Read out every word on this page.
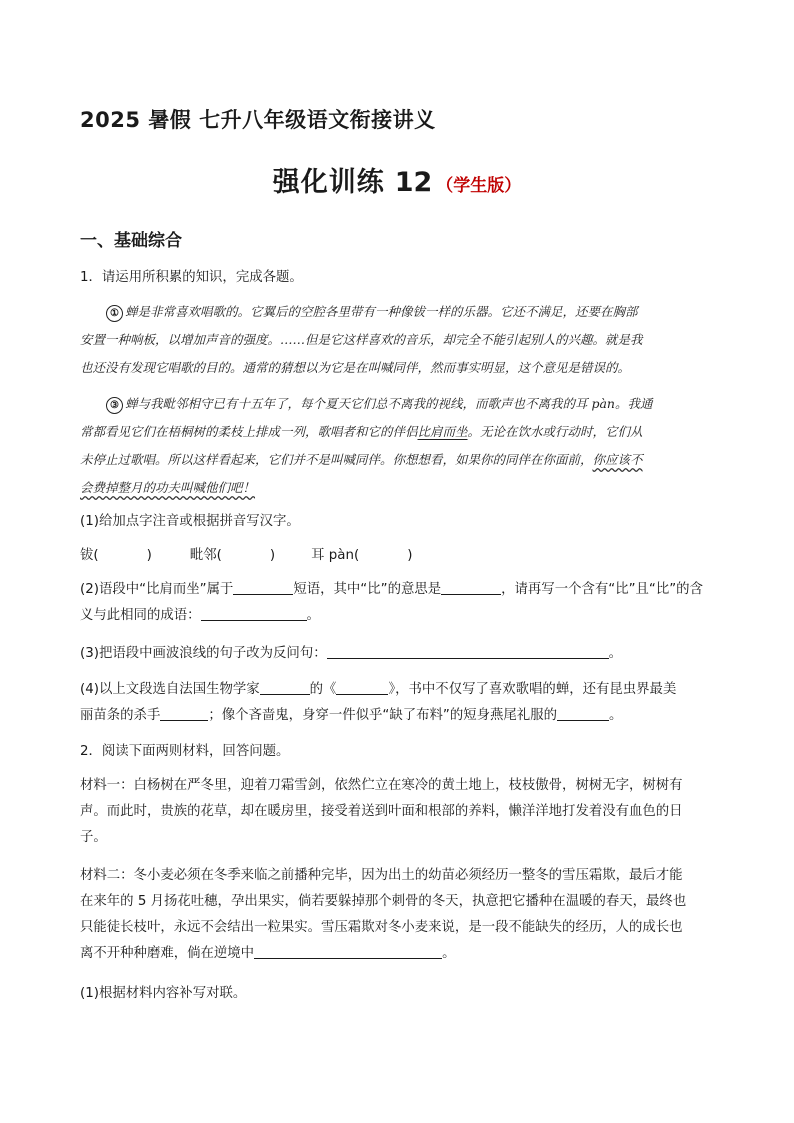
2025 暑假 七升八年级语文衔接讲义
强化训练 12 （学生版）
一、基础综合
1．请运用所积累的知识，完成各题。
① 蝉是非常喜欢唱歌的。它翼后的空腔各里带有一种像钹一样的乐器。它还不满足，还要在胸部
安置一种响板，以增加声音的强度。……但是它这样喜欢的音乐，却完全不能引起别人的兴趣。就是我
也还没有发现它唱歌的目的。通常的猜想以为它是在叫喊同伴，然而事实明显，这个意见是错误的。
③ 蝉与我毗邻相守已有十五年了，每个夏天它们总不离我的视线，而歌声也不离我的耳 pàn。我通
常都看见它们在梧桐树的柔枝上排成一列，歌唱者和它的伴侣比肩而坐。无论在饮水或行动时，它们从
未停止过歌唱。所以这样看起来，它们并不是叫喊同伴。你想想看，如果你的同伴在你面前，你应该不
会费掉整月的功夫叫喊他们吧！
(1)给加点字注音或根据拼音写汉字。
钹(	)	毗邻(	)	耳 pàn(	)
(2)语段中“比肩而坐”属于	短语，其中“比”的意思是	，请再写一个含有“比”且“比”的含
义与此相同的成语：	。
(3)把语段中画波浪线的句子改为反问句：	。
(4)以上文段选自法国生物学家	的《	》，书中不仅写了喜欢歌唱的蝉，还有昆虫界最美
丽苗条的杀手	；像个吝啬鬼，身穿一件似乎“缺了布料”的短身燕尾礼服的	。
2．阅读下面两则材料，回答问题。
材料一：白杨树在严冬里，迎着刀霜雪剑，依然伫立在寒冷的黄土地上，枝枝傲骨，树树无字，树树有
声。而此时，贵族的花草，却在暖房里，接受着送到叶面和根部的养料，懒洋洋地打发着没有血色的日
子。
材料二：冬小麦必须在冬季来临之前播种完毕，因为出土的幼苗必须经历一整冬的雪压霜欺，最后才能
在来年的 5 月扬花吐穗，孕出果实，倘若要躲掉那个刺骨的冬天，执意把它播种在温暖的春天，最终也
只能徒长枝叶，永远不会结出一粒果实。雪压霜欺对冬小麦来说，是一段不能缺失的经历，人的成长也
离不开种种磨难，倘在逆境中	。
(1)根据材料内容补写对联。
